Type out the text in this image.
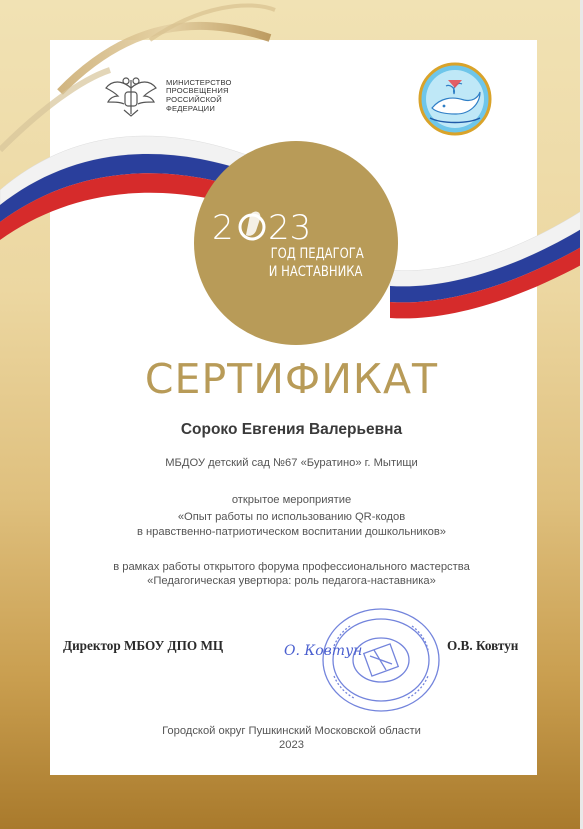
МИНИСТЕРСТВО
ПРОСВЕЩЕНИЯ
РОССИЙСКОЙ
ФЕДЕРАЦИИ
2 23
ГОД ПЕДАГОГА
И НАСТАВНИКА
СЕРТИФИКАТ
Сороко Евгения Валерьевна
МБДОУ детский сад №67 «Буратино» г. Мытищи
открытое мероприятие
«Опыт работы по использованию QR-кодов
в нравственно-патриотическом воспитании дошкольников»
в рамках работы открытого форума профессионального мастерства
«Педагогическая увертюра: роль педагога-наставника»
Директор МБОУ ДПО МЦ	О. Ковтун	О.В. Ковтун
Городской округ Пушкинский Московской области
2023
